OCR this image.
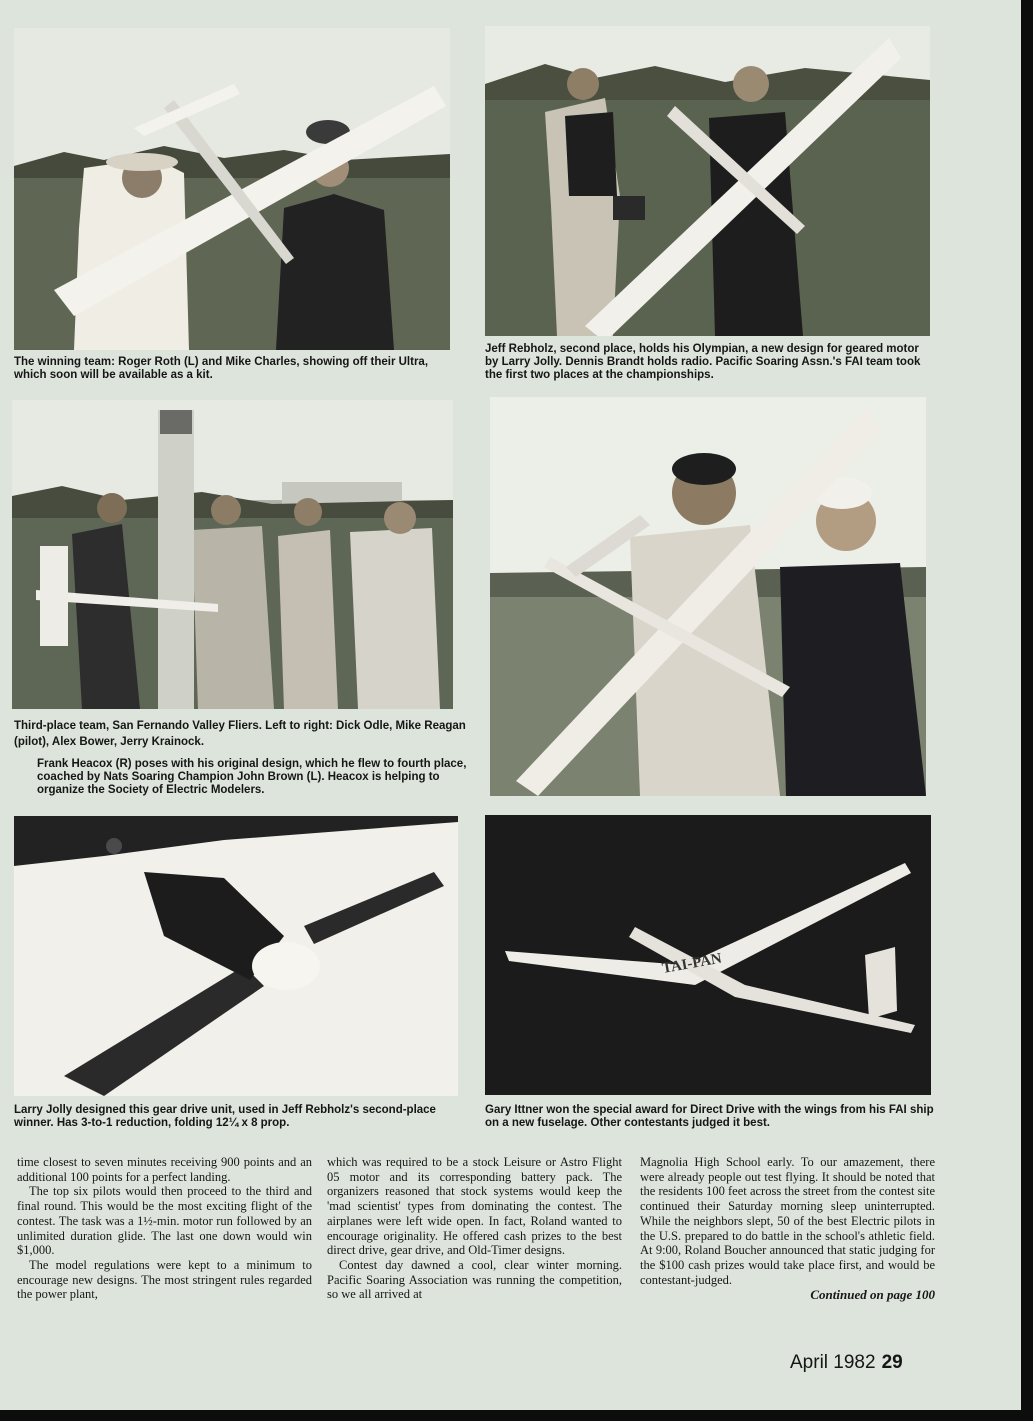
The winning team: Roger Roth (L) and Mike Charles, showing off their Ultra, which soon will be available as a kit.

Jeff Rebholz, second place, holds his Olympian, a new design for geared motor by Larry Jolly. Dennis Brandt holds radio. Pacific Soaring Assn.'s FAI team took the first two places at the championships.

Third-place team, San Fernando Valley Fliers. Left to right: Dick Odle, Mike Reagan (pilot), Alex Bower, Jerry Krainock.

Frank Heacox (R) poses with his original design, which he flew to fourth place, coached by Nats Soaring Champion John Brown (L). Heacox is helping to organize the Society of Electric Modelers.

Larry Jolly designed this gear drive unit, used in Jeff Rebholz's second-place winner. Has 3-to-1 reduction, folding 12¼ x 8 prop.

TAI-PAN

Gary Ittner won the special award for Direct Drive with the wings from his FAI ship on a new fuselage. Other contestants judged it best.

time closest to seven minutes receiving 900 points and an additional 100 points for a perfect landing.

The top six pilots would then proceed to the third and final round. This would be the most exciting flight of the contest. The task was a 1½-min. motor run followed by an unlimited duration glide. The last one down would win $1,000.

The model regulations were kept to a minimum to encourage new designs. The most stringent rules regarded the power plant,

which was required to be a stock Leisure or Astro Flight 05 motor and its corresponding battery pack. The organizers reasoned that stock systems would keep the 'mad scientist' types from dominating the contest. The airplanes were left wide open. In fact, Roland wanted to encourage originality. He offered cash prizes to the best direct drive, gear drive, and Old-Timer designs.

Contest day dawned a cool, clear winter morning. Pacific Soaring Association was running the competition, so we all arrived at

Magnolia High School early. To our amazement, there were already people out test flying. It should be noted that the residents 100 feet across the street from the contest site continued their Saturday morning sleep uninterrupted. While the neighbors slept, 50 of the best Electric pilots in the U.S. prepared to do battle in the school's athletic field. At 9:00, Roland Boucher announced that static judging for the $100 cash prizes would take place first, and would be contestant-judged.

Continued on page 100
April 1982 29
